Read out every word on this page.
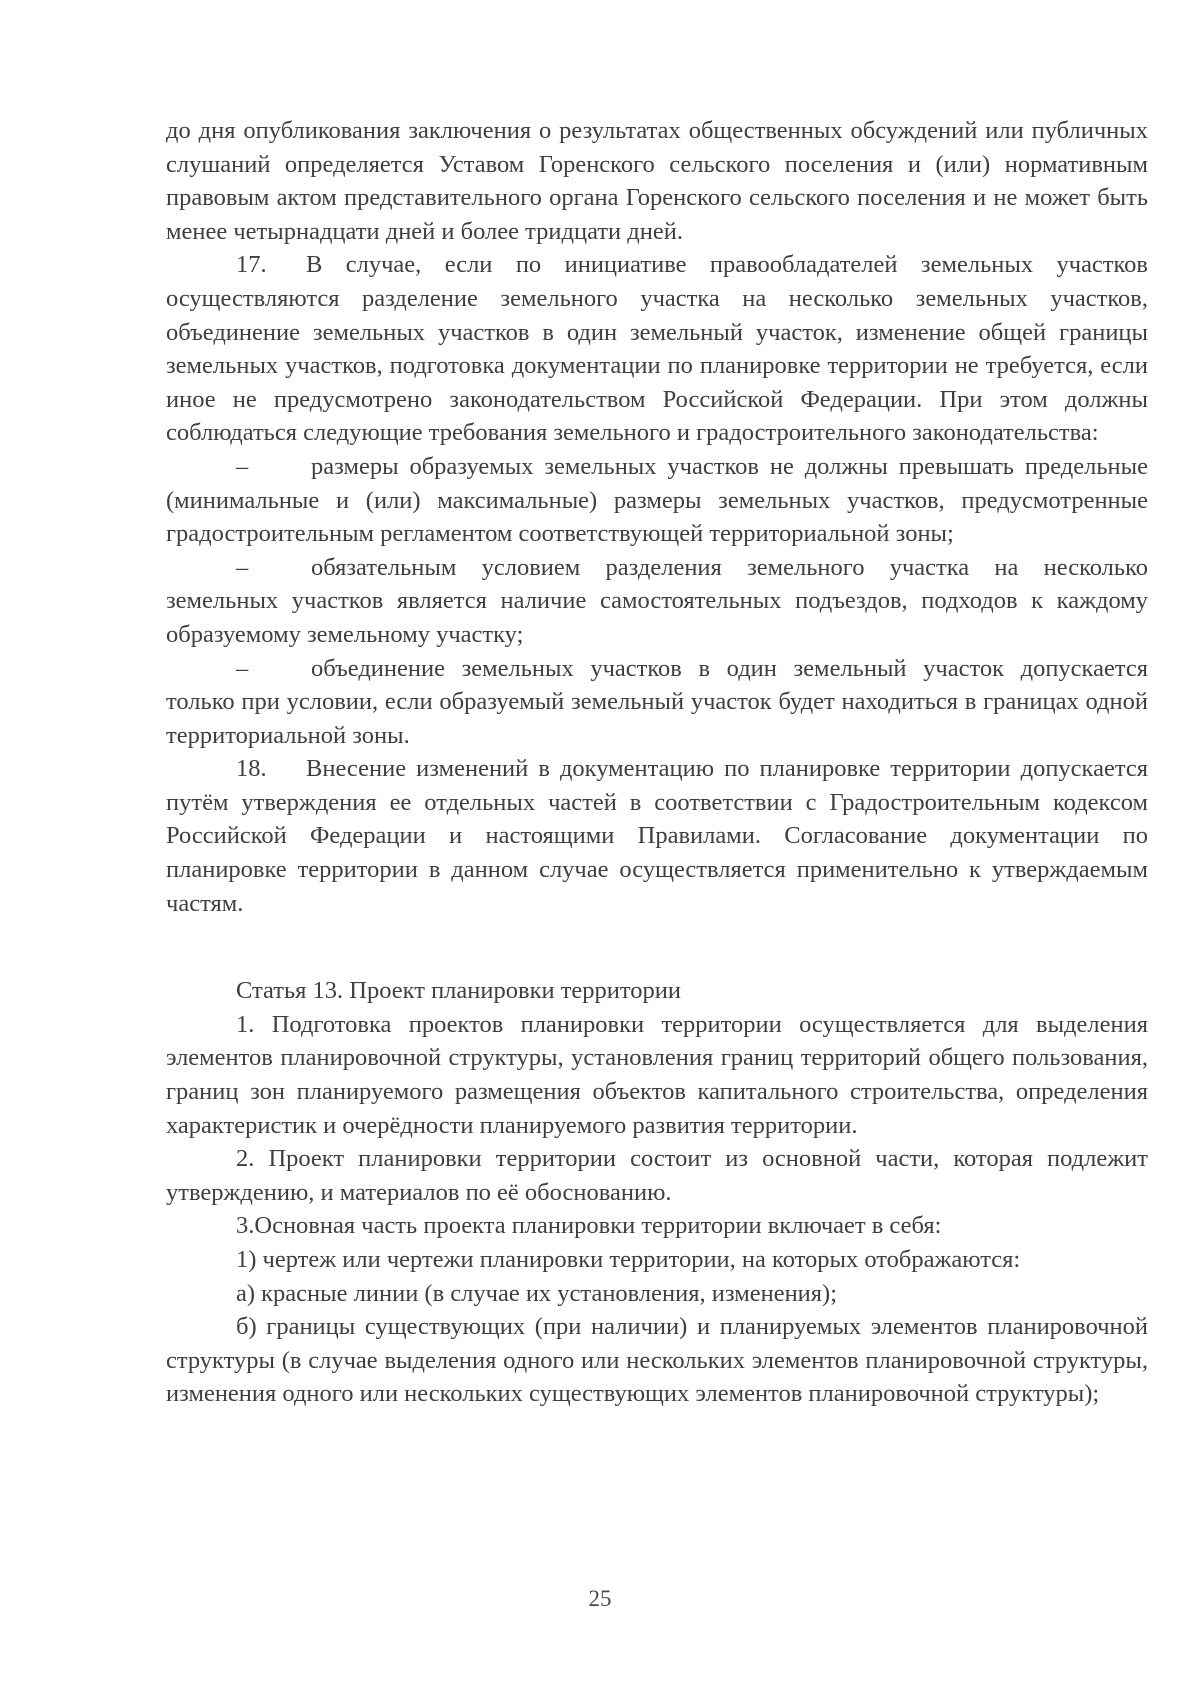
до дня опубликования заключения о результатах общественных обсуждений или публичных слушаний определяется Уставом Горенского сельского поселения и (или) нормативным правовым актом представительного органа Горенского сельского поселения и не может быть менее четырнадцати дней и более тридцати дней.

17. В случае, если по инициативе правообладателей земельных участков осуществляются разделение земельного участка на несколько земельных участков, объединение земельных участков в один земельный участок, изменение общей границы земельных участков, подготовка документации по планировке территории не требуется, если иное не предусмотрено законодательством Российской Федерации. При этом должны соблюдаться следующие требования земельного и градостроительного законодательства:

–	размеры образуемых земельных участков не должны превышать предельные (минимальные и (или) максимальные) размеры земельных участков, предусмотренные градостроительным регламентом соответствующей территориальной зоны;

–	обязательным условием разделения земельного участка на несколько земельных участков является наличие самостоятельных подъездов, подходов к каждому образуемому земельному участку;

–	объединение земельных участков в один земельный участок допускается только при условии, если образуемый земельный участок будет находиться в границах одной территориальной зоны.

18. Внесение изменений в документацию по планировке территории допускается путём утверждения ее отдельных частей в соответствии с Градостроительным кодексом Российской Федерации и настоящими Правилами. Согласование документации по планировке территории в данном случае осуществляется применительно к утверждаемым частям.

Статья 13. Проект планировки территории

1. Подготовка проектов планировки территории осуществляется для выделения элементов планировочной структуры, установления границ территорий общего пользования, границ зон планируемого размещения объектов капитального строительства, определения характеристик и очерёдности планируемого развития территории.

2. Проект планировки территории состоит из основной части, которая подлежит утверждению, и материалов по её обоснованию.

3.Основная часть проекта планировки территории включает в себя:

1) чертеж или чертежи планировки территории, на которых отображаются:

а) красные линии (в случае их установления, изменения);

б) границы существующих (при наличии) и планируемых элементов планировочной структуры (в случае выделения одного или нескольких элементов планировочной структуры, изменения одного или нескольких существующих элементов планировочной структуры);

25
